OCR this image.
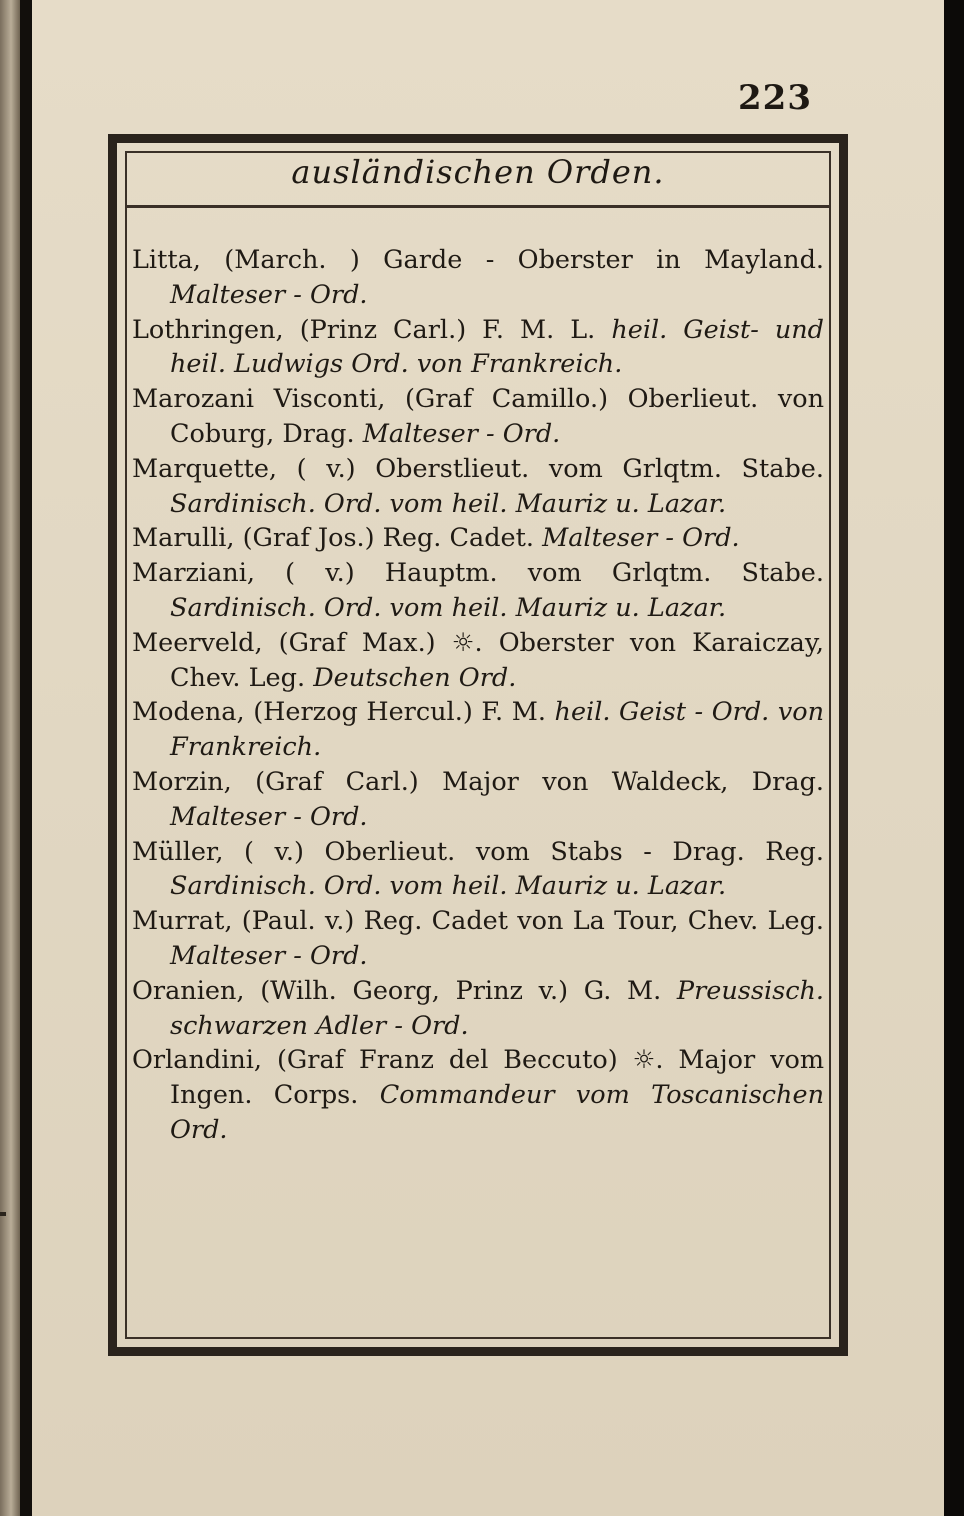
223
ausländischen Orden.
Litta, (March. ) Garde - Oberster in Mayland. Malteser - Ord.
Lothringen, (Prinz Carl.) F. M. L. heil. Geist- und heil. Ludwigs Ord. von Frankreich.
Marozani Visconti, (Graf Camillo.) Oberlieut. von Coburg, Drag. Malteser - Ord.
Marquette, ( v.) Oberstlieut. vom Grlqtm. Stabe. Sardinisch. Ord. vom heil. Mauriz u. Lazar.
Marulli, (Graf Jos.) Reg. Cadet. Malteser - Ord.
Marziani, ( v.) Hauptm. vom Grlqtm. Stabe. Sardinisch. Ord. vom heil. Mauriz u. Lazar.
Meerveld, (Graf Max.) ☼. Oberster von Karaiczay, Chev. Leg. Deutschen Ord.
Modena, (Herzog Hercul.) F. M. heil. Geist - Ord. von Frankreich.
Morzin, (Graf Carl.) Major von Waldeck, Drag. Malteser - Ord.
Müller, ( v.) Oberlieut. vom Stabs - Drag. Reg. Sardinisch. Ord. vom heil. Mauriz u. Lazar.
Murrat, (Paul. v.) Reg. Cadet von La Tour, Chev. Leg. Malteser - Ord.
Oranien, (Wilh. Georg, Prinz v.) G. M. Preussisch. schwarzen Adler - Ord.
Orlandini, (Graf Franz del Beccuto) ☼. Major vom Ingen. Corps. Commandeur vom Toscanischen Ord.
